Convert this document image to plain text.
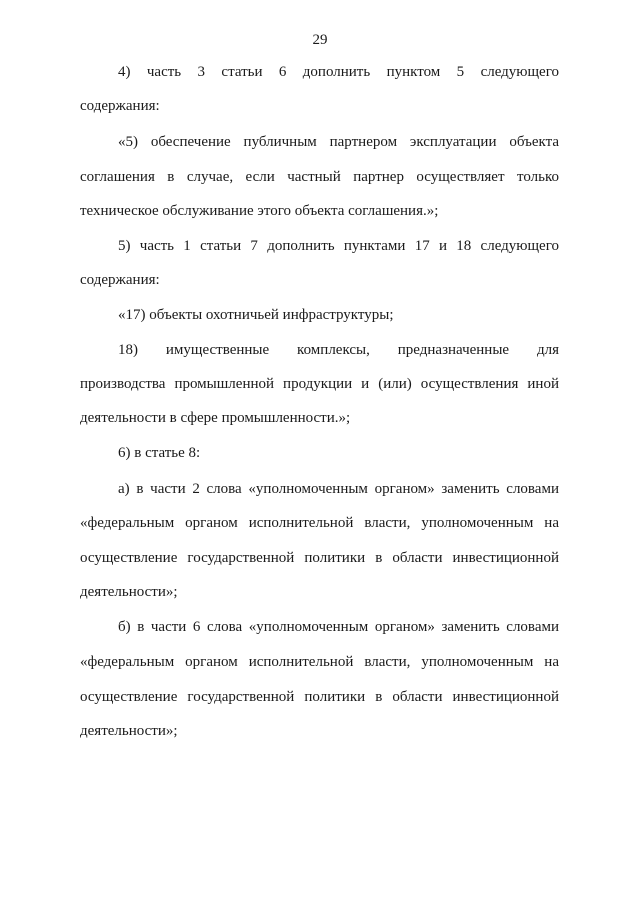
29
4) часть 3 статьи 6 дополнить пунктом 5 следующего
содержания:
«5) обеспечение публичным партнером эксплуатации объекта
соглашения в случае, если частный партнер осуществляет только
техническое обслуживание этого объекта соглашения.»;
5) часть 1 статьи 7 дополнить пунктами 17 и 18 следующего
содержания:
«17) объекты охотничьей инфраструктуры;
18) имущественные комплексы, предназначенные для
производства промышленной продукции и (или) осуществления иной
деятельности в сфере промышленности.»;
6) в статье 8:
а) в части 2 слова «уполномоченным органом» заменить словами
«федеральным органом исполнительной власти, уполномоченным на
осуществление государственной политики в области инвестиционной
деятельности»;
б) в части 6 слова «уполномоченным органом» заменить словами
«федеральным органом исполнительной власти, уполномоченным на
осуществление государственной политики в области инвестиционной
деятельности»;
